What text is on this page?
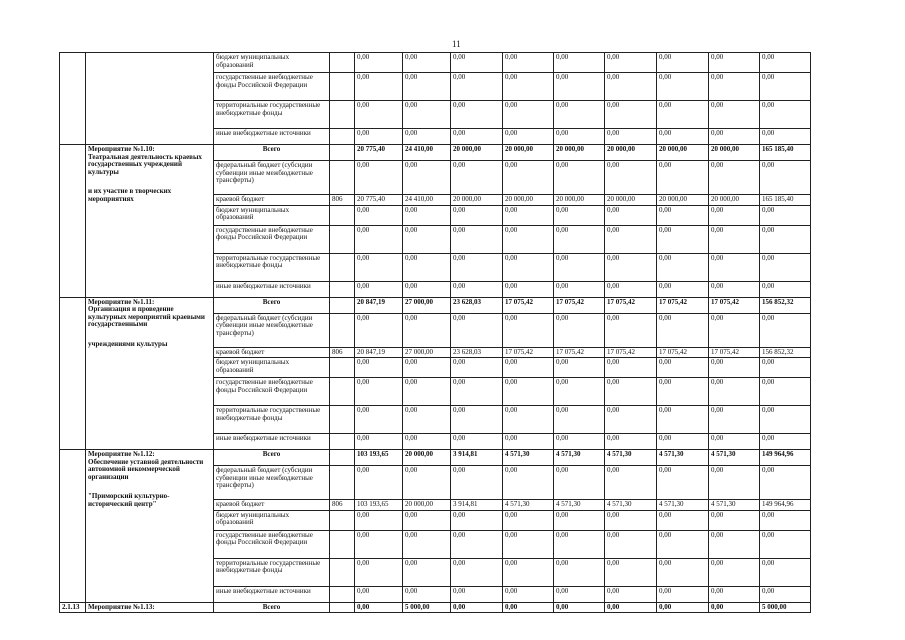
11
		бюджет муниципальных образований		0,00	0,00	0,00	0,00	0,00	0,00	0,00	0,00	0,00
		государственные внебюджетные фонды Российской Федерации		0,00	0,00	0,00	0,00	0,00	0,00	0,00	0,00	0,00
		территориальные государственные внебюджетные фонды		0,00	0,00	0,00	0,00	0,00	0,00	0,00	0,00	0,00
		иные внебюджетные источники		0,00	0,00	0,00	0,00	0,00	0,00	0,00	0,00	0,00

	Мероприятие №1.10:
Театральная деятельность краевых государственных учреждений культуры
и их участие в творческих мероприятиях	Всего		20 775,40	24 410,00	20 000,00	20 000,00	20 000,00	20 000,00	20 000,00	20 000,00	165 185,40
		федеральный бюджет (субсидии субвенции иные межбюджетные трансферты)		0,00	0,00	0,00	0,00	0,00	0,00	0,00	0,00	0,00
		краевой бюджет	806	20 775,40	24 410,00	20 000,00	20 000,00	20 000,00	20 000,00	20 000,00	20 000,00	165 185,40
		бюджет муниципальных образований		0,00	0,00	0,00	0,00	0,00	0,00	0,00	0,00	0,00
		государственные внебюджетные фонды Российской Федерации		0,00	0,00	0,00	0,00	0,00	0,00	0,00	0,00	0,00
		территориальные государственные внебюджетные фонды		0,00	0,00	0,00	0,00	0,00	0,00	0,00	0,00	0,00
		иные внебюджетные источники		0,00	0,00	0,00	0,00	0,00	0,00	0,00	0,00	0,00

	Мероприятие №1.11:
Организация и проведение культурных мероприятий краевыми государственными
учреждениями культуры	Всего		20 847,19	27 000,00	23 628,03	17 075,42	17 075,42	17 075,42	17 075,42	17 075,42	156 852,32
		федеральный бюджет (субсидии субвенции иные межбюджетные трансферты)		0,00	0,00	0,00	0,00	0,00	0,00	0,00	0,00	0,00
		краевой бюджет	806	20 847,19	27 000,00	23 628,03	17 075,42	17 075,42	17 075,42	17 075,42	17 075,42	156 852,32
		бюджет муниципальных образований		0,00	0,00	0,00	0,00	0,00	0,00	0,00	0,00	0,00
		государственные внебюджетные фонды Российской Федерации		0,00	0,00	0,00	0,00	0,00	0,00	0,00	0,00	0,00
		территориальные государственные внебюджетные фонды		0,00	0,00	0,00	0,00	0,00	0,00	0,00	0,00	0,00
		иные внебюджетные источники		0,00	0,00	0,00	0,00	0,00	0,00	0,00	0,00	0,00

	Мероприятие №1.12:
Обеспечение уставной деятельности автономной некоммерческой организации
"Приморский культурно-исторический центр"	Всего		103 193,65	20 000,00	3 914,81	4 571,30	4 571,30	4 571,30	4 571,30	4 571,30	149 964,96
		федеральный бюджет (субсидии субвенции иные межбюджетные трансферты)		0,00	0,00	0,00	0,00	0,00	0,00	0,00	0,00	0,00
		краевой бюджет	806	103 193,65	20 000,00	3 914,81	4 571,30	4 571,30	4 571,30	4 571,30	4 571,30	149 964,96
		бюджет муниципальных образований		0,00	0,00	0,00	0,00	0,00	0,00	0,00	0,00	0,00
		государственные внебюджетные фонды Российской Федерации		0,00	0,00	0,00	0,00	0,00	0,00	0,00	0,00	0,00
		территориальные государственные внебюджетные фонды		0,00	0,00	0,00	0,00	0,00	0,00	0,00	0,00	0,00
		иные внебюджетные источники		0,00	0,00	0,00	0,00	0,00	0,00	0,00	0,00	0,00
2.1.13	Мероприятие №1.13:	Всего		0,00	5 000,00	0,00	0,00	0,00	0,00	0,00	0,00	5 000,00
